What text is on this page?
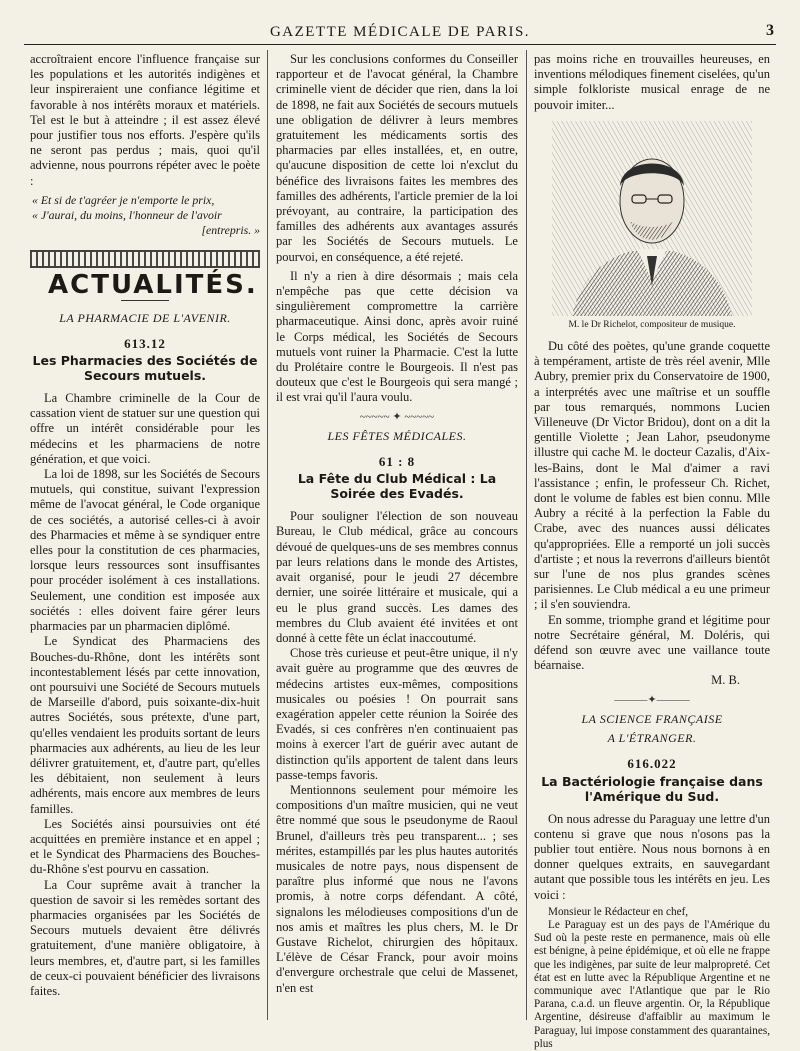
GAZETTE MÉDICALE DE PARIS.	3

accroîtraient encore l'influence française sur les populations et les autorités indigènes et leur inspireraient une confiance légitime et favorable à nos intérêts moraux et matériels. Tel est le but à atteindre ; il est assez élevé pour justifier tous nos efforts. J'espère qu'ils ne seront pas perdus ; mais, quoi qu'il advienne, nous pourrons répéter avec le poète :

« Et si de t'agréer je n'emporte le prix,
« J'aurai, du moins, l'honneur de l'avoir
[entrepris. »
ACTUALITÉS.
LA PHARMACIE DE L'AVENIR.
613.12
Les Pharmacies des Sociétés de Secours mutuels.

La Chambre criminelle de la Cour de cassation vient de statuer sur une question qui offre un intérêt considérable pour les médecins et les pharmaciens de notre génération, et que voici.

La loi de 1898, sur les Sociétés de Secours mutuels, qui constitue, suivant l'expression même de l'avocat général, le Code organique de ces sociétés, a autorisé celles-ci à avoir des Pharmacies et même à se syndiquer entre elles pour la constitution de ces pharmacies, lorsque leurs ressources sont insuffisantes pour procéder isolément à ces installations. Seulement, une condition est imposée aux sociétés : elles doivent faire gérer leurs pharmacies par un pharmacien diplômé.

Le Syndicat des Pharmaciens des Bouches-du-Rhône, dont les intérêts sont incontestablement lésés par cette innovation, ont poursuivi une Société de Secours mutuels de Marseille d'abord, puis soixante-dix-huit autres Sociétés, sous prétexte, d'une part, qu'elles vendaient les produits sortant de leurs pharmacies aux adhérents, au lieu de les leur délivrer gratuitement, et, d'autre part, qu'elles les débitaient, non seulement à leurs adhérents, mais encore aux membres de leurs familles.

Les Sociétés ainsi poursuivies ont été acquittées en première instance et en appel ; et le Syndicat des Pharmaciens des Bouches-du-Rhône s'est pourvu en cassation.

La Cour suprême avait à trancher la question de savoir si les remèdes sortant des pharmacies organisées par les Sociétés de Secours mutuels devaient être délivrés gratuitement, d'une manière obligatoire, à leurs membres, et, d'autre part, si les familles de ceux-ci pouvaient bénéficier des livraisons faites.

Sur les conclusions conformes du Conseiller rapporteur et de l'avocat général, la Chambre criminelle vient de décider que rien, dans la loi de 1898, ne fait aux Sociétés de secours mutuels une obligation de délivrer à leurs membres gratuitement les médicaments sortis des pharmacies par elles installées, et, en outre, qu'aucune disposition de cette loi n'exclut du bénéfice des livraisons faites les membres des familles des adhérents, l'article premier de la loi prévoyant, au contraire, la participation des familles des adhérents aux avantages assurés par les Sociétés de Secours mutuels. Le pourvoi, en conséquence, a été rejeté.

Il n'y a rien à dire désormais ; mais cela n'empêche pas que cette décision va singulièrement compromettre la carrière pharmaceutique. Ainsi donc, après avoir ruiné le Corps médical, les Sociétés de Secours mutuels vont ruiner la Pharmacie. C'est la lutte du Prolétaire contre le Bourgeois. Il n'est pas douteux que c'est le Bourgeois qui sera mangé ; il est vrai qu'il l'aura voulu.

~~~~~ ✦ ~~~~~
LES FÊTES MÉDICALES.
61 : 8
La Fête du Club Médical : La Soirée des Evadés.

Pour souligner l'élection de son nouveau Bureau, le Club médical, grâce au concours dévoué de quelques-uns de ses membres connus par leurs relations dans le monde des Artistes, avait organisé, pour le jeudi 27 décembre dernier, une soirée littéraire et musicale, qui a eu le plus grand succès. Les dames des membres du Club avaient été invitées et ont donné à cette fête un éclat inaccoutumé.

Chose très curieuse et peut-être unique, il n'y avait guère au programme que des œuvres de médecins artistes eux-mêmes, compositions musicales ou poésies ! On pourrait sans exagération appeler cette réunion la Soirée des Evadés, si ces confrères n'en continuaient pas moins à exercer l'art de guérir avec autant de distinction qu'ils apportent de talent dans leurs passe-temps favoris.

Mentionnons seulement pour mémoire les compositions d'un maître musicien, qui ne veut être nommé que sous le pseudonyme de Raoul Brunel, d'ailleurs très peu transparent... ; ses mérites, estampillés par les plus hautes autorités musicales de notre pays, nous dispensent de paraître plus informé que nous ne l'avons promis, à notre corps défendant. A côté, signalons les mélodieuses compositions d'un de nos amis et maîtres les plus chers, M. le Dr Gustave Richelot, chirurgien des hôpitaux. L'élève de César Franck, pour avoir moins d'envergure orchestrale que celui de Massenet, n'en est

pas moins riche en trouvailles heureuses, en inventions mélodiques finement ciselées, qu'un simple folkloriste musical enrage de ne pouvoir imiter...

M. le Dr Richelot, compositeur de musique.

Du côté des poètes, qu'une grande coquette à tempérament, artiste de très réel avenir, Mlle Aubry, premier prix du Conservatoire de 1900, a interprétés avec une maîtrise et un souffle par tous remarqués, nommons Lucien Villeneuve (Dr Victor Bridou), dont on a dit la gentille Violette ; Jean Lahor, pseudonyme illustre qui cache M. le docteur Cazalis, d'Aix-les-Bains, dont le Mal d'aimer a ravi l'assistance ; enfin, le professeur Ch. Richet, dont le volume de fables est bien connu. Mlle Aubry a récité à la perfection la Fable du Crabe, avec des nuances aussi délicates qu'appropriées. Elle a remporté un joli succès d'artiste ; et nous la reverrons d'ailleurs bientôt sur l'une de nos plus grandes scènes parisiennes. Le Club médical a eu une primeur ; il s'en souviendra.

En somme, triomphe grand et légitime pour notre Secrétaire général, M. Doléris, qui défend son œuvre avec une vaillance toute béarnaise.

M. B.
———✦———
LA SCIENCE FRANÇAISE
A L'ÉTRANGER.
616.022
La Bactériologie française dans l'Amérique du Sud.

On nous adresse du Paraguay une lettre d'un contenu si grave que nous n'osons pas la publier tout entière. Nous nous bornons à en donner quelques extraits, en sauvegardant autant que possible tous les intérêts en jeu. Les voici :

Monsieur le Rédacteur en chef,

Le Paraguay est un des pays de l'Amérique du Sud où la peste reste en permanence, mais où elle est bénigne, à peine épidémique, et où elle ne frappe que les indigènes, par suite de leur malpropreté. Cet état est en lutte avec la République Argentine et ne communique avec l'Atlantique que par le Rio Parana, c.a.d. un fleuve argentin. Or, la République Argentine, désireuse d'affaiblir au maximum le Paraguay, lui impose constamment des quarantaines, plus
